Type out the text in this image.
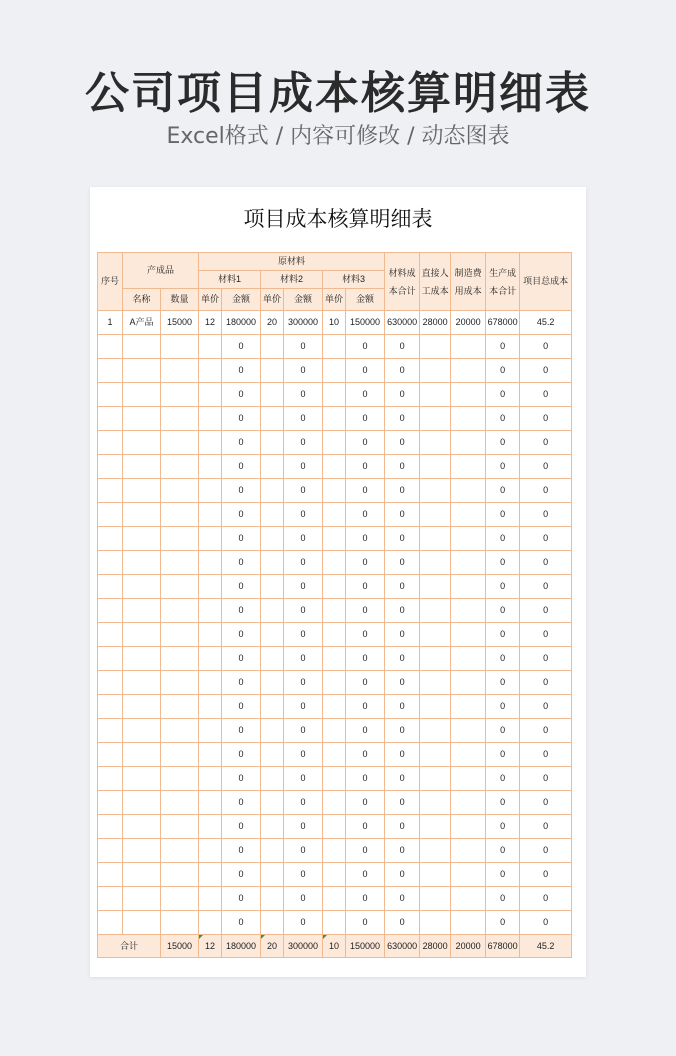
公司项目成本核算明细表
Excel格式 / 内容可修改 / 动态图表
项目成本核算明细表
序号	产成品		原材料						材料成本合计	直接人工成本	制造费用成本	生产成本合计	项目总成本
			材料1		材料2		材料3						
	名称	数量	单价	金额	单价	金额	单价	金额					
1	A产品	15000	12	180000	20	300000	10	150000	630000	28000	20000	678000	45.2
				0		0		0	0			0	0
				0		0		0	0			0	0
				0		0		0	0			0	0
				0		0		0	0			0	0
				0		0		0	0			0	0
				0		0		0	0			0	0
				0		0		0	0			0	0
				0		0		0	0			0	0
				0		0		0	0			0	0
				0		0		0	0			0	0
				0		0		0	0			0	0
				0		0		0	0			0	0
				0		0		0	0			0	0
				0		0		0	0			0	0
				0		0		0	0			0	0
				0		0		0	0			0	0
				0		0		0	0			0	0
				0		0		0	0			0	0
				0		0		0	0			0	0
				0		0		0	0			0	0
				0		0		0	0			0	0
				0		0		0	0			0	0
				0		0		0	0			0	0
				0		0		0	0			0	0
				0		0		0	0			0	0
合计		15000	12	180000	20	300000	10	150000	630000	28000	20000	678000	45.2
